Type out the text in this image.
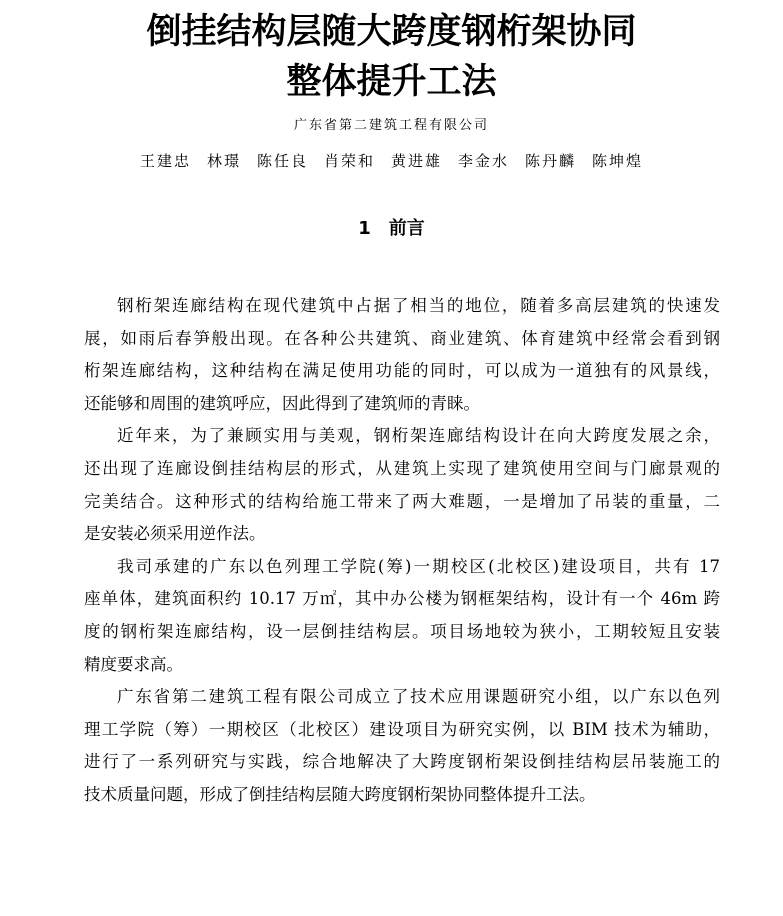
倒挂结构层随大跨度钢桁架协同
整体提升工法
广东省第二建筑工程有限公司
王建忠 林璟 陈任良 肖荣和 黄进雄 李金水 陈丹麟 陈坤煌
1 前言

钢桁架连廊结构在现代建筑中占据了相当的地位，随着多高层建筑的快速发
展，如雨后春笋般出现。在各种公共建筑、商业建筑、体育建筑中经常会看到钢
桁架连廊结构，这种结构在满足使用功能的同时，可以成为一道独有的风景线，
还能够和周围的建筑呼应，因此得到了建筑师的青睐。

近年来，为了兼顾实用与美观，钢桁架连廊结构设计在向大跨度发展之余，
还出现了连廊设倒挂结构层的形式，从建筑上实现了建筑使用空间与门廊景观的
完美结合。这种形式的结构给施工带来了两大难题，一是增加了吊装的重量，二
是安装必须采用逆作法。

我司承建的广东以色列理工学院(筹)一期校区(北校区)建设项目，共有 17
座单体，建筑面积约 10.17 万㎡，其中办公楼为钢框架结构，设计有一个 46m 跨
度的钢桁架连廊结构，设一层倒挂结构层。项目场地较为狭小，工期较短且安装
精度要求高。

广东省第二建筑工程有限公司成立了技术应用课题研究小组，以广东以色列
理工学院（筹）一期校区（北校区）建设项目为研究实例，以 BIM 技术为辅助，
进行了一系列研究与实践，综合地解决了大跨度钢桁架设倒挂结构层吊装施工的
技术质量问题，形成了倒挂结构层随大跨度钢桁架协同整体提升工法。
